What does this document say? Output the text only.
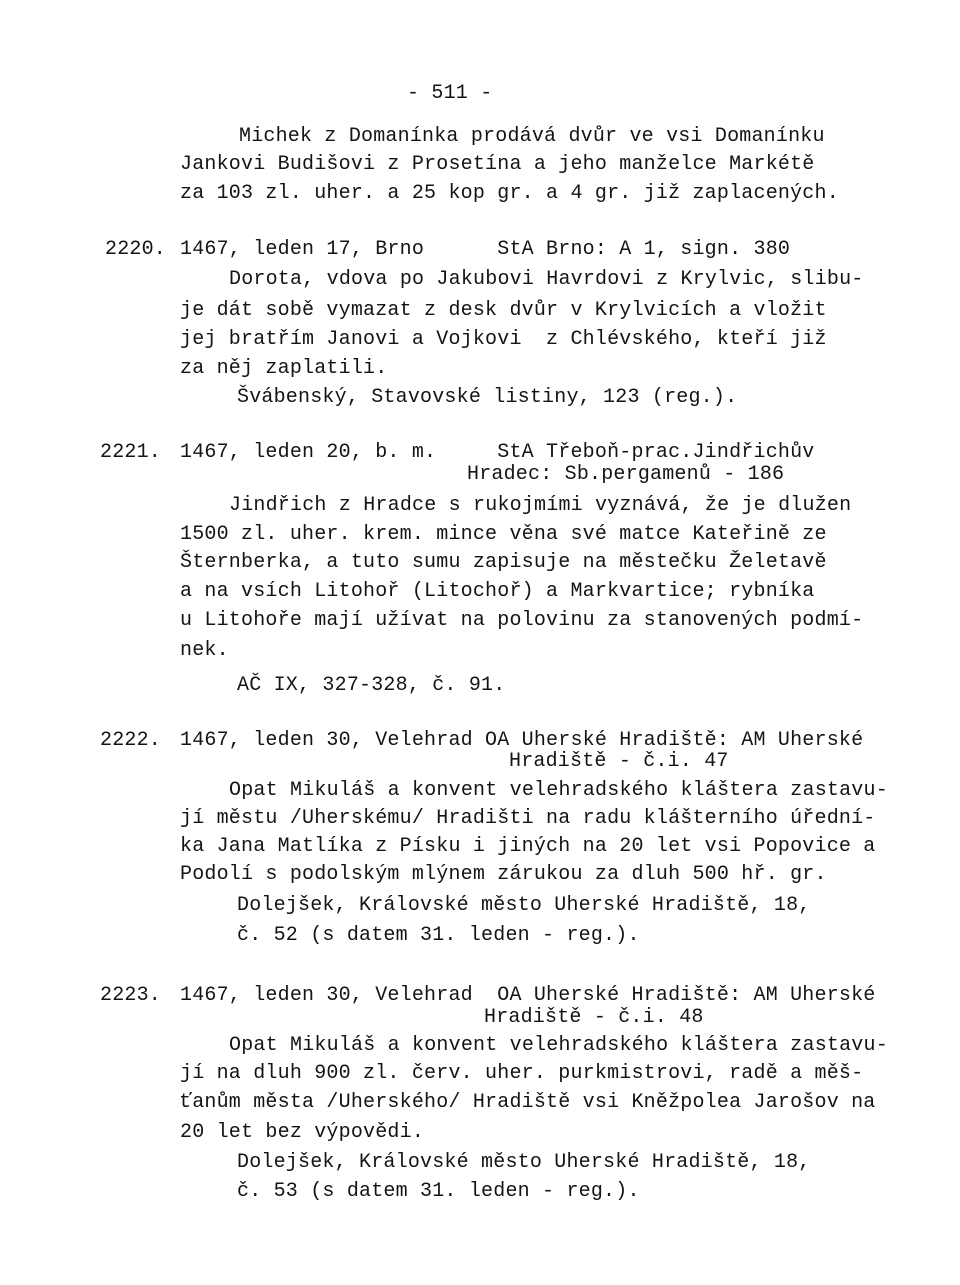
- 511 -
Michek z Domanínka prodává dvůr ve vsi Domanínku
Jankovi Budišovi z Prosetína a jeho manželce Markétě
za 103 zl. uher. a 25 kop gr. a 4 gr. již zaplacených.
2220. 1467, leden 17, Brno      StA Brno: A 1, sign. 380
Dorota, vdova po Jakubovi Havrdovi z Krylvic, slibu-
je dát sobě vymazat z desk dvůr v Krylvicích a vložit
jej bratřím Janovi a Vojkovi  z Chlévského, kteří již
za něj zaplatili.
Švábenský, Stavovské listiny, 123 (reg.).
2221. 1467, leden 20, b. m.     StA Třeboň-prac.Jindřichův
Hradec: Sb.pergamenů - 186
Jindřich z Hradce s rukojmími vyznává, že je dlužen
1500 zl. uher. krem. mince věna své matce Kateřině ze
Šternberka, a tuto sumu zapisuje na městečku Želetavě
a na vsích Litohoř (Litochoř) a Markvartice; rybníka
u Litohoře mají užívat na polovinu za stanovených podmí-
nek.
AČ IX, 327-328, č. 91.
2222. 1467, leden 30, Velehrad OA Uherské Hradiště: AM Uherské
Hradiště - č.i. 47
Opat Mikuláš a konvent velehradského kláštera zastavu-
jí městu /Uherskému/ Hradišti na radu klášterního úřední-
ka Jana Matlíka z Písku i jiných na 20 let vsi Popovice a
Podolí s podolským mlýnem zárukou za dluh 500 hř. gr.
Dolejšek, Královské město Uherské Hradiště, 18,
č. 52 (s datem 31. leden - reg.).
2223. 1467, leden 30, Velehrad  OA Uherské Hradiště: AM Uherské
Hradiště - č.i. 48
Opat Mikuláš a konvent velehradského kláštera zastavu-
jí na dluh 900 zl. červ. uher. purkmistrovi, radě a měš-
ťanům města /Uherského/ Hradiště vsi Kněžpolea Jarošov na
20 let bez výpovědi.
Dolejšek, Královské město Uherské Hradiště, 18,
č. 53 (s datem 31. leden - reg.).
